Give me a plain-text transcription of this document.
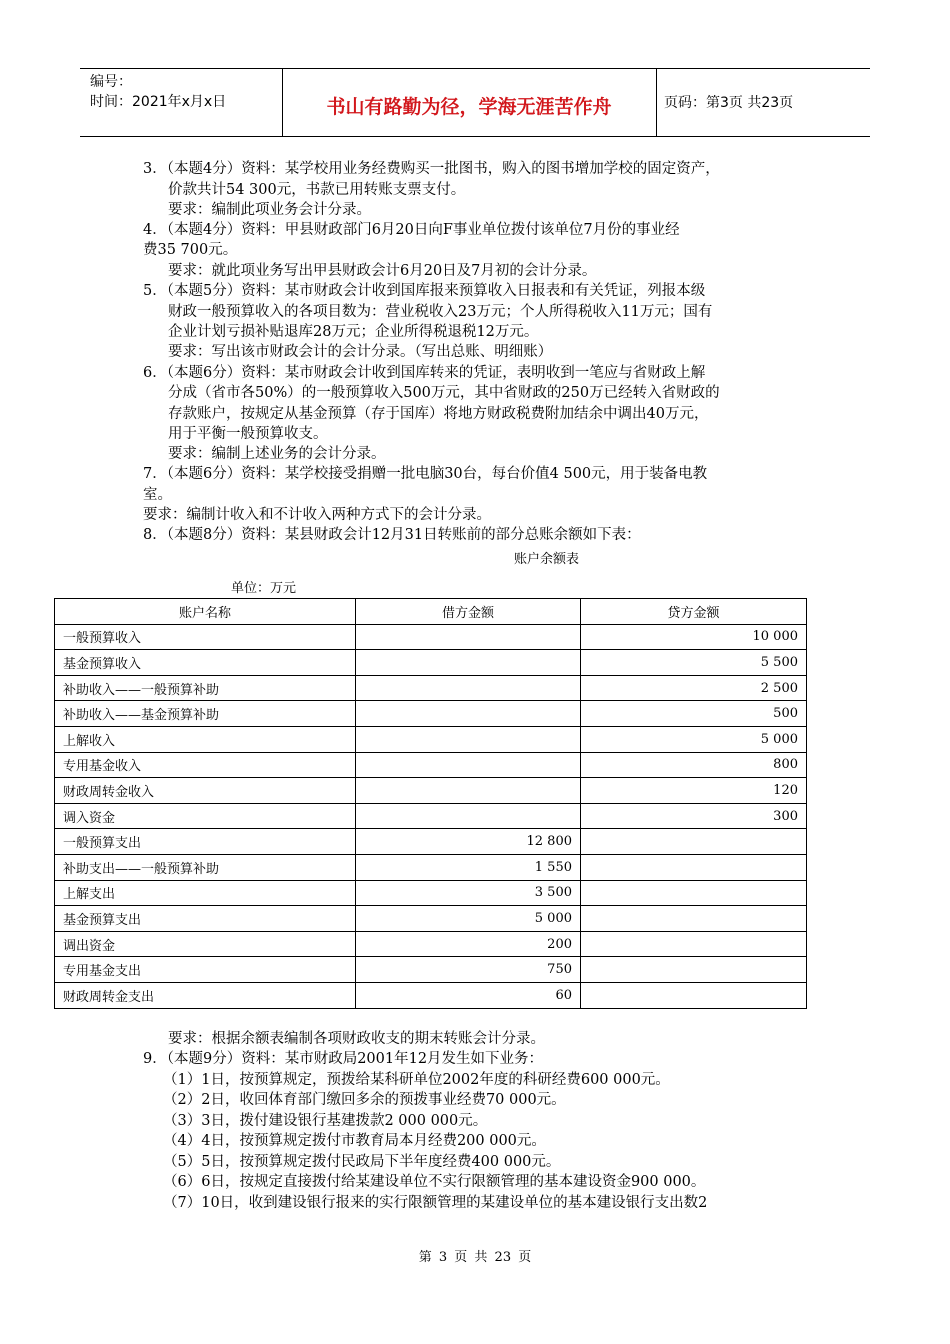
编号：
时间：2021年x月x日	书山有路勤为径，学海无涯苦作舟	页码：第3页 共23页
3．（本题4分）资料：某学校用业务经费购买一批图书，购入的图书增加学校的固定资产，
价款共计54 300元，书款已用转账支票支付。
要求：编制此项业务会计分录。
4．（本题4分）资料：甲县财政部门6月20日向F事业单位拨付该单位7月份的事业经
费35 700元。
要求：就此项业务写出甲县财政会计6月20日及7月初的会计分录。
5．（本题5分）资料：某市财政会计收到国库报来预算收入日报表和有关凭证，列报本级
财政一般预算收入的各项目数为：营业税收入23万元；个人所得税收入11万元；国有
企业计划亏损补贴退库28万元；企业所得税退税12万元。
要求：写出该市财政会计的会计分录。（写出总账、明细账）
6．（本题6分）资料：某市财政会计收到国库转来的凭证，表明收到一笔应与省财政上解
分成（省市各50%）的一般预算收入500万元，其中省财政的250万已经转入省财政的
存款账户，按规定从基金预算（存于国库）将地方财政税费附加结余中调出40万元，
用于平衡一般预算收支。
要求：编制上述业务的会计分录。
7．（本题6分）资料：某学校接受捐赠一批电脑30台，每台价值4 500元，用于装备电教
室。
要求：编制计收入和不计收入两种方式下的会计分录。
8．（本题8分）资料：某县财政会计12月31日转账前的部分总账余额如下表：
账户余额表
单位：万元
账户名称	借方金额	贷方金额
一般预算收入		10 000
基金预算收入		5 500
补助收入——一般预算补助		2 500
补助收入——基金预算补助		500
上解收入		5 000
专用基金收入		800
财政周转金收入		120
调入资金		300
一般预算支出	12 800	
补助支出——一般预算补助	1 550	
上解支出	3 500	
基金预算支出	5 000	
调出资金	200	
专用基金支出	750	
财政周转金支出	60	
要求：根据余额表编制各项财政收支的期末转账会计分录。
9．（本题9分）资料：某市财政局2001年12月发生如下业务：
（1）1日，按预算规定，预拨给某科研单位2002年度的科研经费600 000元。
（2）2日，收回体育部门缴回多余的预拨事业经费70 000元。
（3）3日，拨付建设银行基建拨款2 000 000元。
（4）4日，按预算规定拨付市教育局本月经费200 000元。
（5）5日，按预算规定拨付民政局下半年度经费400 000元。
（6）6日，按规定直接拨付给某建设单位不实行限额管理的基本建设资金900 000。
（7）10日，收到建设银行报来的实行限额管理的某建设单位的基本建设银行支出数2
第 3 页 共 23 页
